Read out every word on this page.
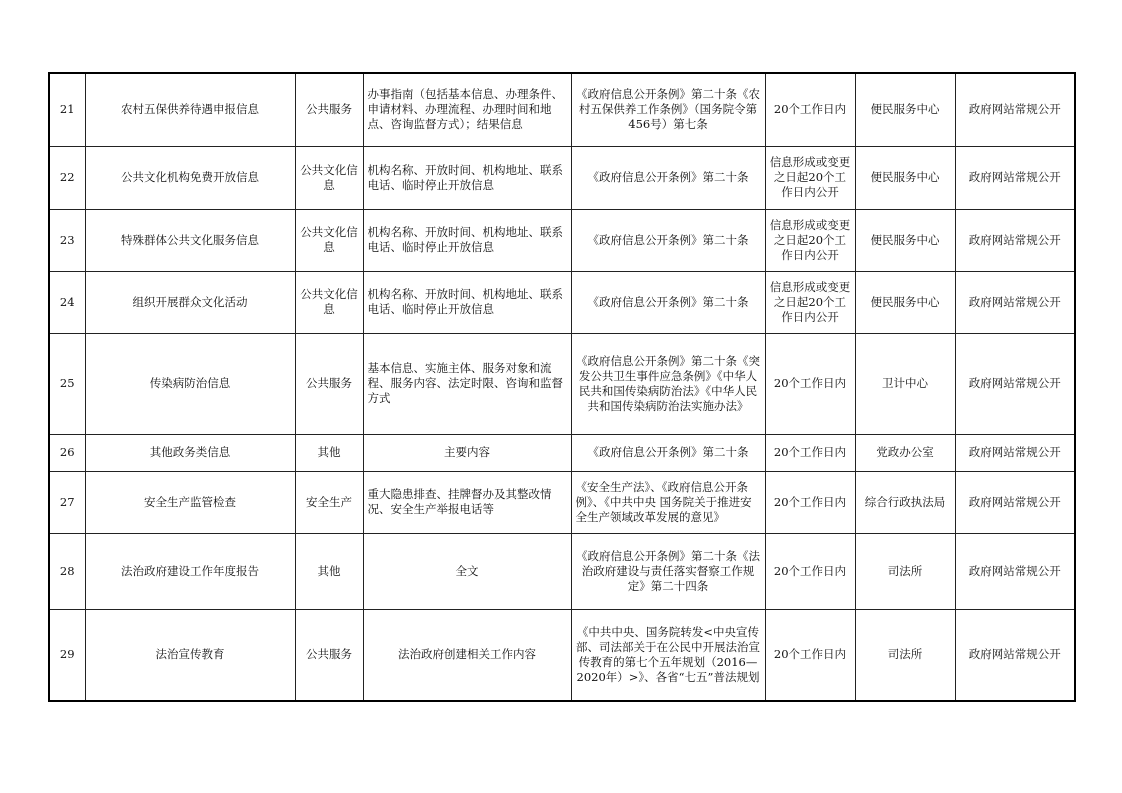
21	农村五保供养待遇申报信息	公共服务	办事指南（包括基本信息、办理条件、申请材料、办理流程、办理时间和地点、咨询监督方式）；结果信息	《政府信息公开条例》第二十条《农村五保供养工作条例》（国务院令第456号）第七条	20个工作日内	便民服务中心	政府网站常规公开
22	公共文化机构免费开放信息	公共文化信息	机构名称、开放时间、机构地址、联系电话、临时停止开放信息	《政府信息公开条例》第二十条	信息形成或变更之日起20个工作日内公开	便民服务中心	政府网站常规公开
23	特殊群体公共文化服务信息	公共文化信息	机构名称、开放时间、机构地址、联系电话、临时停止开放信息	《政府信息公开条例》第二十条	信息形成或变更之日起20个工作日内公开	便民服务中心	政府网站常规公开
24	组织开展群众文化活动	公共文化信息	机构名称、开放时间、机构地址、联系电话、临时停止开放信息	《政府信息公开条例》第二十条	信息形成或变更之日起20个工作日内公开	便民服务中心	政府网站常规公开
25	传染病防治信息	公共服务	基本信息、实施主体、服务对象和流程、服务内容、法定时限、咨询和监督方式	《政府信息公开条例》第二十条《突发公共卫生事件应急条例》《中华人民共和国传染病防治法》《中华人民共和国传染病防治法实施办法》	20个工作日内	卫计中心	政府网站常规公开
26	其他政务类信息	其他	主要内容	《政府信息公开条例》第二十条	20个工作日内	党政办公室	政府网站常规公开
27	安全生产监管检查	安全生产	重大隐患排查、挂牌督办及其整改情况、安全生产举报电话等	《安全生产法》、《政府信息公开条例》、《中共中央 国务院关于推进安全生产领域改革发展的意见》	20个工作日内	综合行政执法局	政府网站常规公开
28	法治政府建设工作年度报告	其他	全文	《政府信息公开条例》第二十条《法治政府建设与责任落实督察工作规定》第二十四条	20个工作日内	司法所	政府网站常规公开
29	法治宣传教育	公共服务	法治政府创建相关工作内容	《中共中央、国务院转发<中央宣传部、司法部关于在公民中开展法治宣传教育的第七个五年规划（2016—2020年）>》、各省“七五”普法规划	20个工作日内	司法所	政府网站常规公开
